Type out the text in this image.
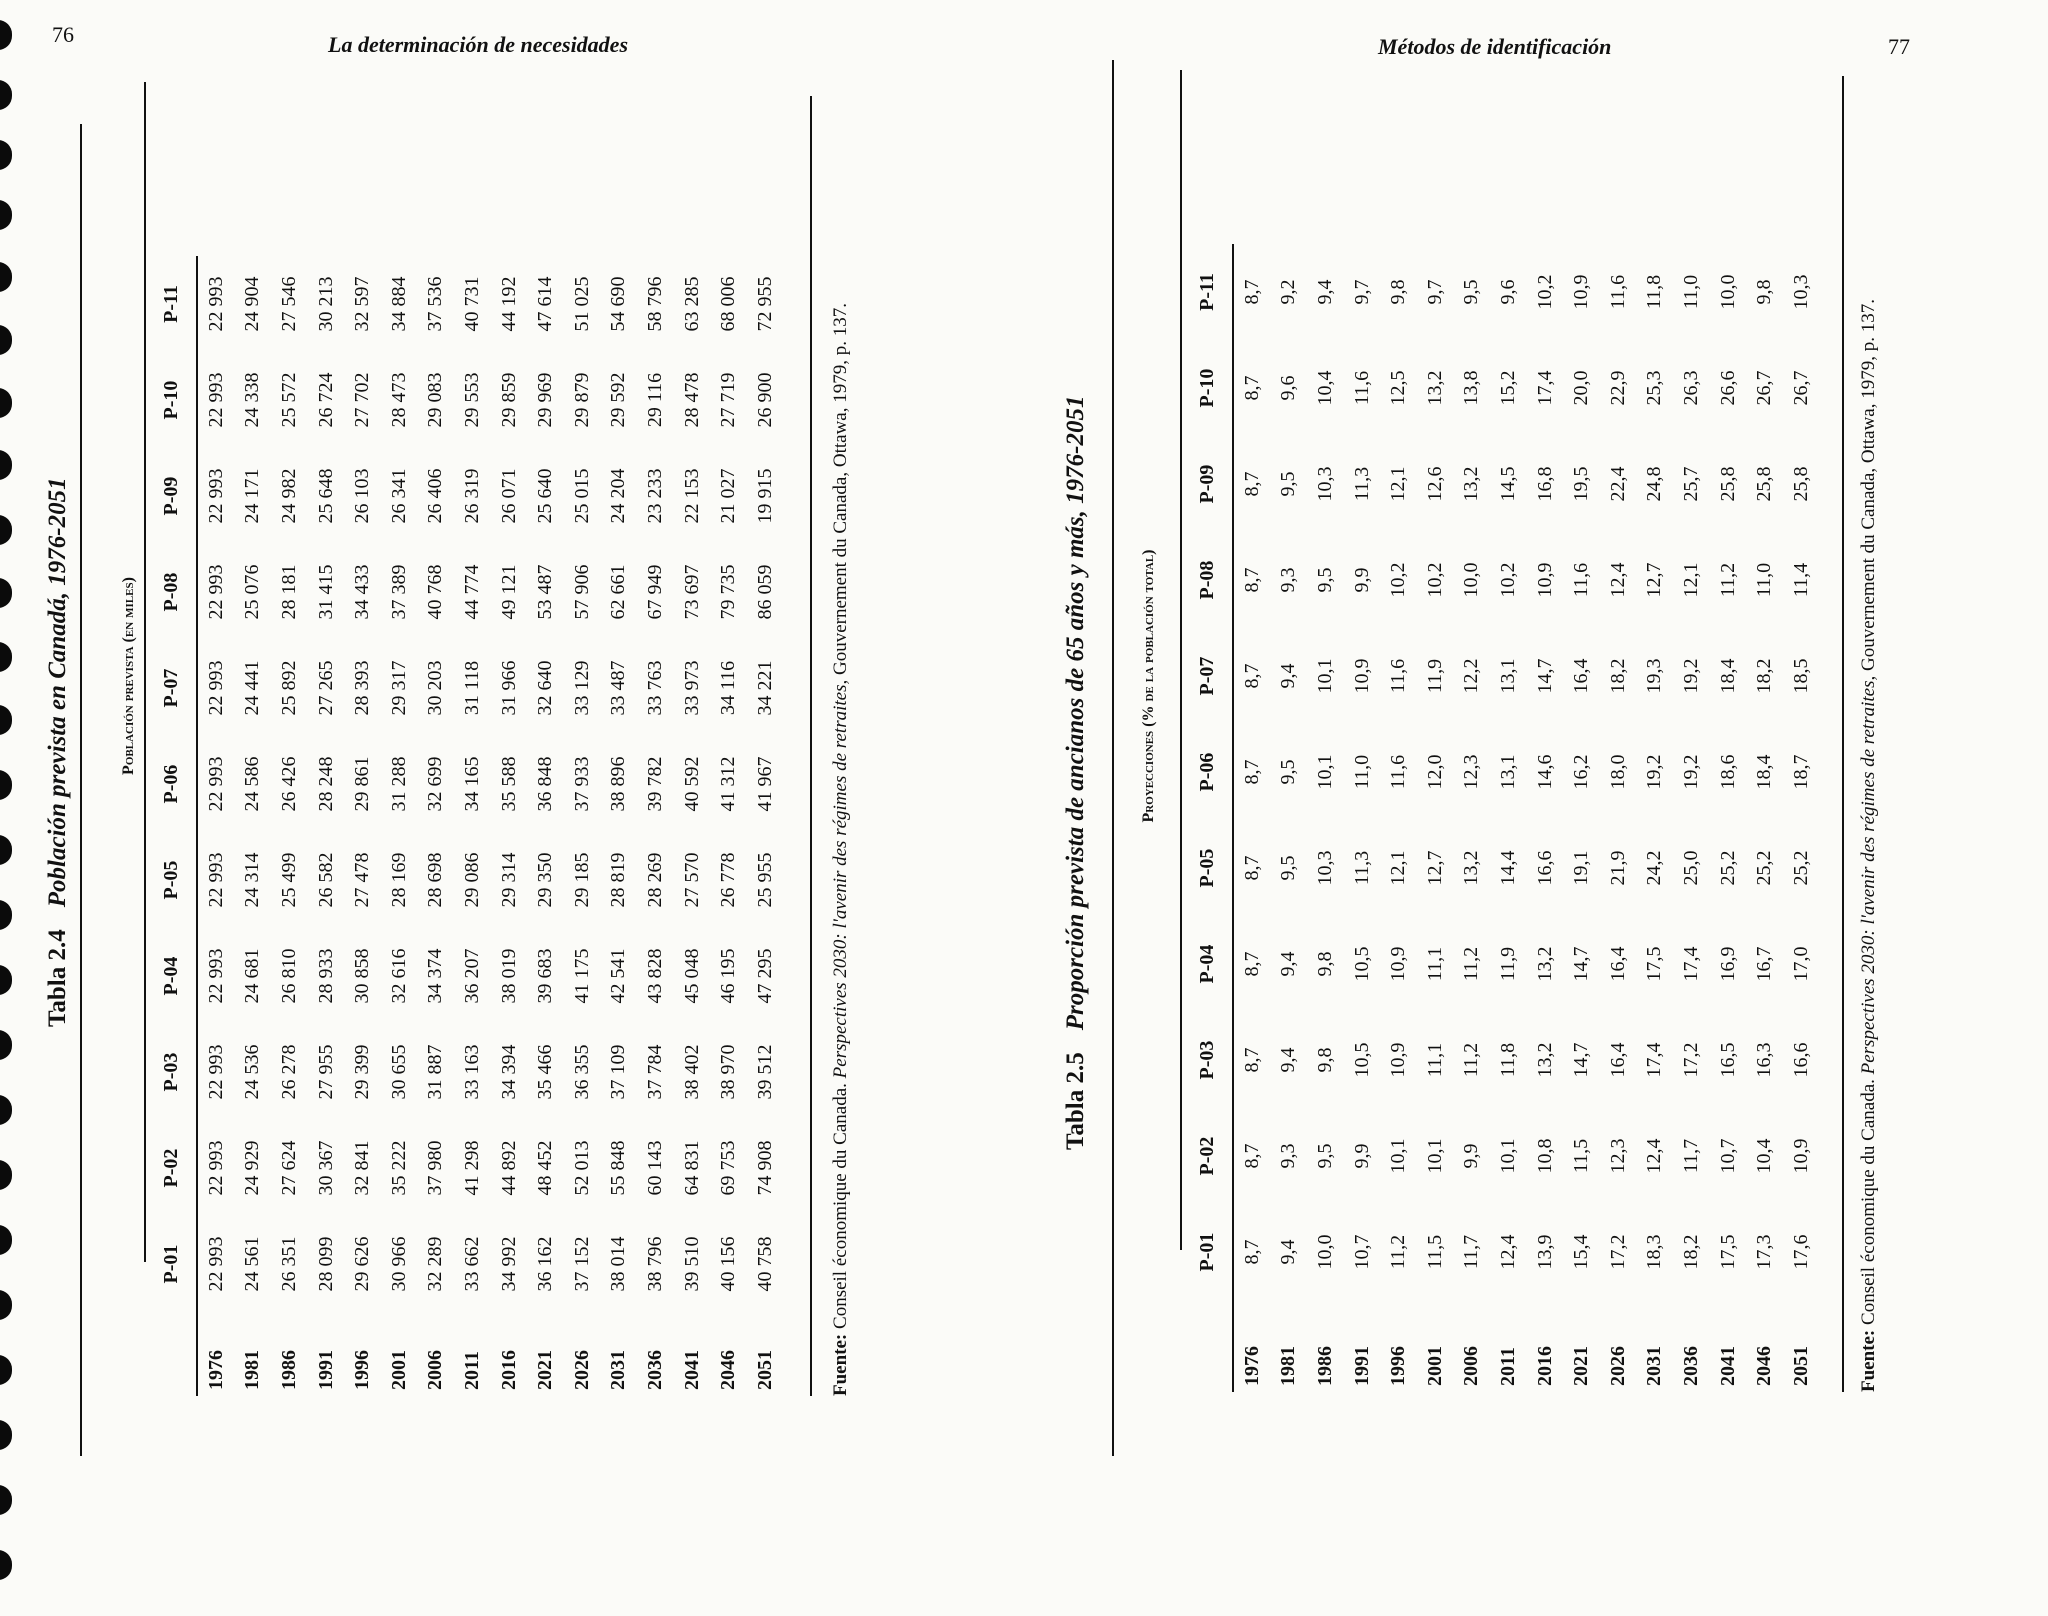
76	La determinación de necesidades	Métodos de identificación	77
Tabla 2.4Población prevista en Canadá, 1976-2051	Población prevista (en miles)
	P-01	P-02	P-03	P-04	P-05	P-06	P-07	P-08	P-09	P-10	P-11
1976	22 993	22 993	22 993	22 993	22 993	22 993	22 993	22 993	22 993	22 993	22 993
1981	24 561	24 929	24 536	24 681	24 314	24 586	24 441	25 076	24 171	24 338	24 904
1986	26 351	27 624	26 278	26 810	25 499	26 426	25 892	28 181	24 982	25 572	27 546
1991	28 099	30 367	27 955	28 933	26 582	28 248	27 265	31 415	25 648	26 724	30 213
1996	29 626	32 841	29 399	30 858	27 478	29 861	28 393	34 433	26 103	27 702	32 597
2001	30 966	35 222	30 655	32 616	28 169	31 288	29 317	37 389	26 341	28 473	34 884
2006	32 289	37 980	31 887	34 374	28 698	32 699	30 203	40 768	26 406	29 083	37 536
2011	33 662	41 298	33 163	36 207	29 086	34 165	31 118	44 774	26 319	29 553	40 731
2016	34 992	44 892	34 394	38 019	29 314	35 588	31 966	49 121	26 071	29 859	44 192
2021	36 162	48 452	35 466	39 683	29 350	36 848	32 640	53 487	25 640	29 969	47 614
2026	37 152	52 013	36 355	41 175	29 185	37 933	33 129	57 906	25 015	29 879	51 025
2031	38 014	55 848	37 109	42 541	28 819	38 896	33 487	62 661	24 204	29 592	54 690
2036	38 796	60 143	37 784	43 828	28 269	39 782	33 763	67 949	23 233	29 116	58 796
2041	39 510	64 831	38 402	45 048	27 570	40 592	33 973	73 697	22 153	28 478	63 285
2046	40 156	69 753	38 970	46 195	26 778	41 312	34 116	79 735	21 027	27 719	68 006
2051	40 758	74 908	39 512	47 295	25 955	41 967	34 221	86 059	19 915	26 900	72 955
Fuente: Conseil économique du Canada. Perspectives 2030: l'avenir des régimes de retraites, Gouvernement du Canada, Ottawa, 1979, p. 137.
Tabla 2.5Proporción prevista de ancianos de 65 años y más, 1976-2051	Proyecciones (% de la población total)
	P-01	P-02	P-03	P-04	P-05	P-06	P-07	P-08	P-09	P-10	P-11
1976	8,7	8,7	8,7	8,7	8,7	8,7	8,7	8,7	8,7	8,7	8,7
1981	9,4	9,3	9,4	9,4	9,5	9,5	9,4	9,3	9,5	9,6	9,2
1986	10,0	9,5	9,8	9,8	10,3	10,1	10,1	9,5	10,3	10,4	9,4
1991	10,7	9,9	10,5	10,5	11,3	11,0	10,9	9,9	11,3	11,6	9,7
1996	11,2	10,1	10,9	10,9	12,1	11,6	11,6	10,2	12,1	12,5	9,8
2001	11,5	10,1	11,1	11,1	12,7	12,0	11,9	10,2	12,6	13,2	9,7
2006	11,7	9,9	11,2	11,2	13,2	12,3	12,2	10,0	13,2	13,8	9,5
2011	12,4	10,1	11,8	11,9	14,4	13,1	13,1	10,2	14,5	15,2	9,6
2016	13,9	10,8	13,2	13,2	16,6	14,6	14,7	10,9	16,8	17,4	10,2
2021	15,4	11,5	14,7	14,7	19,1	16,2	16,4	11,6	19,5	20,0	10,9
2026	17,2	12,3	16,4	16,4	21,9	18,0	18,2	12,4	22,4	22,9	11,6
2031	18,3	12,4	17,4	17,5	24,2	19,2	19,3	12,7	24,8	25,3	11,8
2036	18,2	11,7	17,2	17,4	25,0	19,2	19,2	12,1	25,7	26,3	11,0
2041	17,5	10,7	16,5	16,9	25,2	18,6	18,4	11,2	25,8	26,6	10,0
2046	17,3	10,4	16,3	16,7	25,2	18,4	18,2	11,0	25,8	26,7	9,8
2051	17,6	10,9	16,6	17,0	25,2	18,7	18,5	11,4	25,8	26,7	10,3
Fuente: Conseil économique du Canada. Perspectives 2030: l'avenir des régimes de retraites, Gouvernement du Canada, Ottawa, 1979, p. 137.
